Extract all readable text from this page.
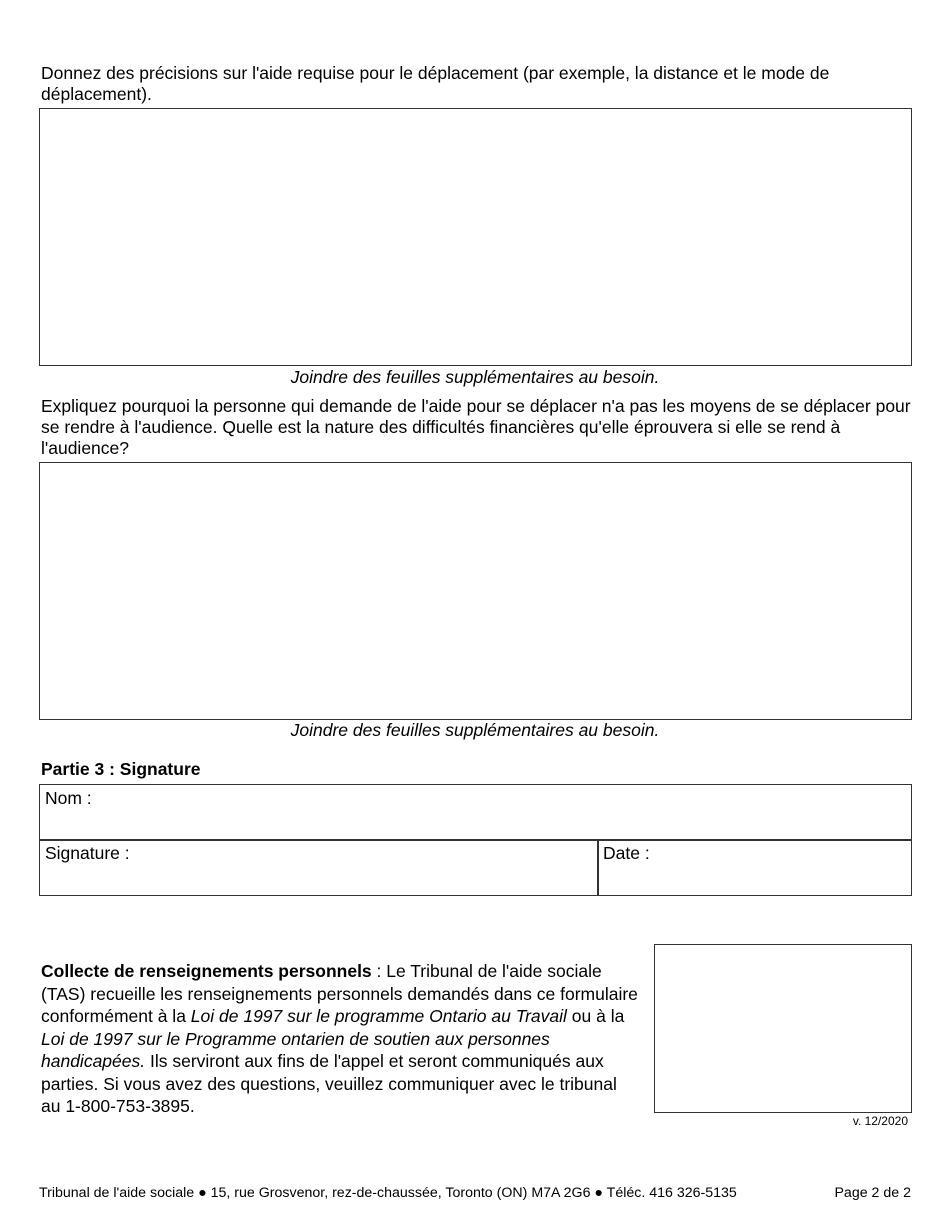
Donnez des précisions sur l'aide requise pour le déplacement (par exemple, la distance et le mode de déplacement).
Joindre des feuilles supplémentaires au besoin.
Expliquez pourquoi la personne qui demande de l'aide pour se déplacer n'a pas les moyens de se déplacer pour se rendre à l'audience. Quelle est la nature des difficultés financières qu'elle éprouvera si elle se rend à l'audience?
Joindre des feuilles supplémentaires au besoin.
Partie 3 : Signature
Nom :
Signature :	Date :
Collecte de renseignements personnels : Le Tribunal de l'aide sociale (TAS) recueille les renseignements personnels demandés dans ce formulaire conformément à la Loi de 1997 sur le programme Ontario au Travail ou à la Loi de 1997 sur le Programme ontarien de soutien aux personnes handicapées. Ils serviront aux fins de l'appel et seront communiqués aux parties. Si vous avez des questions, veuillez communiquer avec le tribunal au 1-800-753-3895.
v. 12/2020
Tribunal de l'aide sociale ● 15, rue Grosvenor, rez-de-chaussée, Toronto (ON) M7A 2G6 ● Téléc. 416 326-5135	Page 2 de 2
